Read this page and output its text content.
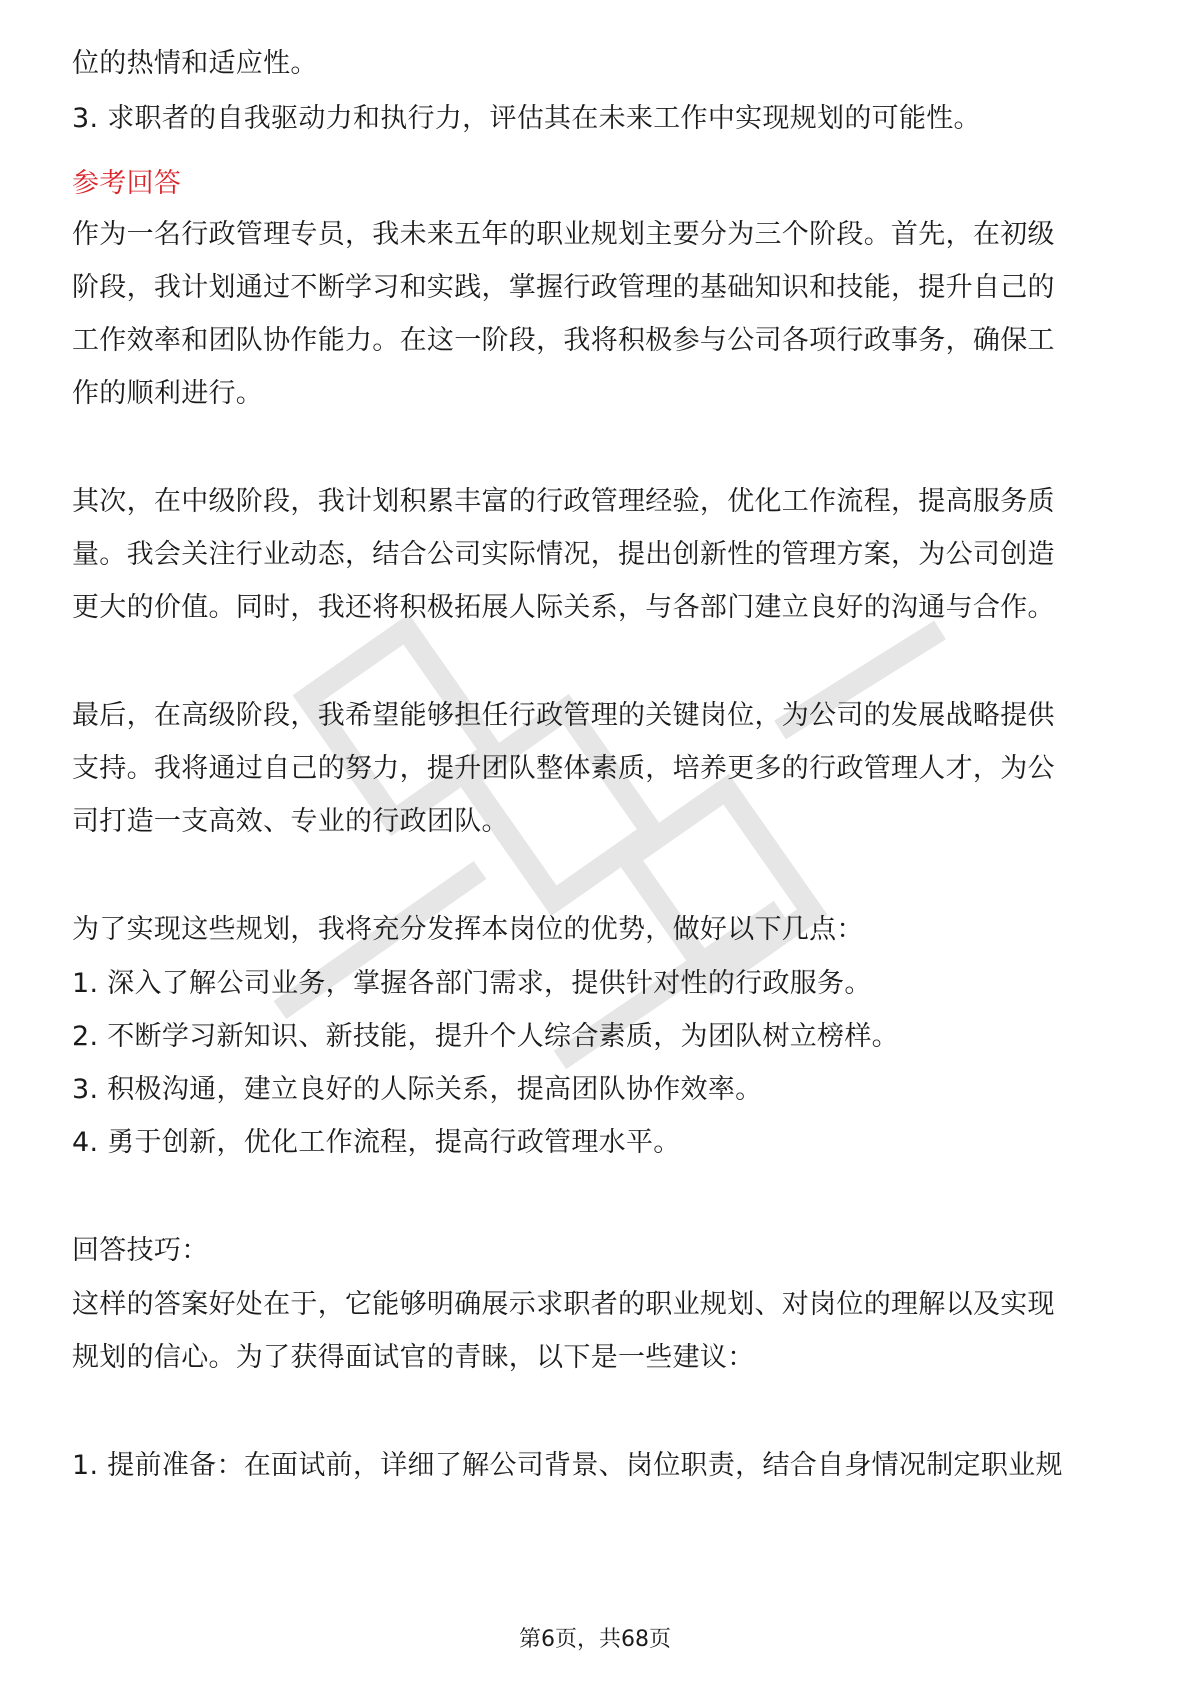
位的热情和适应性。
3. 求职者的自我驱动力和执行力，评估其在未来工作中实现规划的可能性。
参考回答
作为一名行政管理专员，我未来五年的职业规划主要分为三个阶段。首先，在初级
阶段，我计划通过不断学习和实践，掌握行政管理的基础知识和技能，提升自己的
工作效率和团队协作能力。在这一阶段，我将积极参与公司各项行政事务，确保工
作的顺利进行。
其次，在中级阶段，我计划积累丰富的行政管理经验，优化工作流程，提高服务质
量。我会关注行业动态，结合公司实际情况，提出创新性的管理方案，为公司创造
更大的价值。同时，我还将积极拓展人际关系，与各部门建立良好的沟通与合作。
最后，在高级阶段，我希望能够担任行政管理的关键岗位，为公司的发展战略提供
支持。我将通过自己的努力，提升团队整体素质，培养更多的行政管理人才，为公
司打造一支高效、专业的行政团队。
为了实现这些规划，我将充分发挥本岗位的优势，做好以下几点：
1. 深入了解公司业务，掌握各部门需求，提供针对性的行政服务。
2. 不断学习新知识、新技能，提升个人综合素质，为团队树立榜样。
3. 积极沟通，建立良好的人际关系，提高团队协作效率。
4. 勇于创新，优化工作流程，提高行政管理水平。
回答技巧：
这样的答案好处在于，它能够明确展示求职者的职业规划、对岗位的理解以及实现
规划的信心。为了获得面试官的青睐，以下是一些建议：
1. 提前准备：在面试前，详细了解公司背景、岗位职责，结合自身情况制定职业规
第6页，共68页
